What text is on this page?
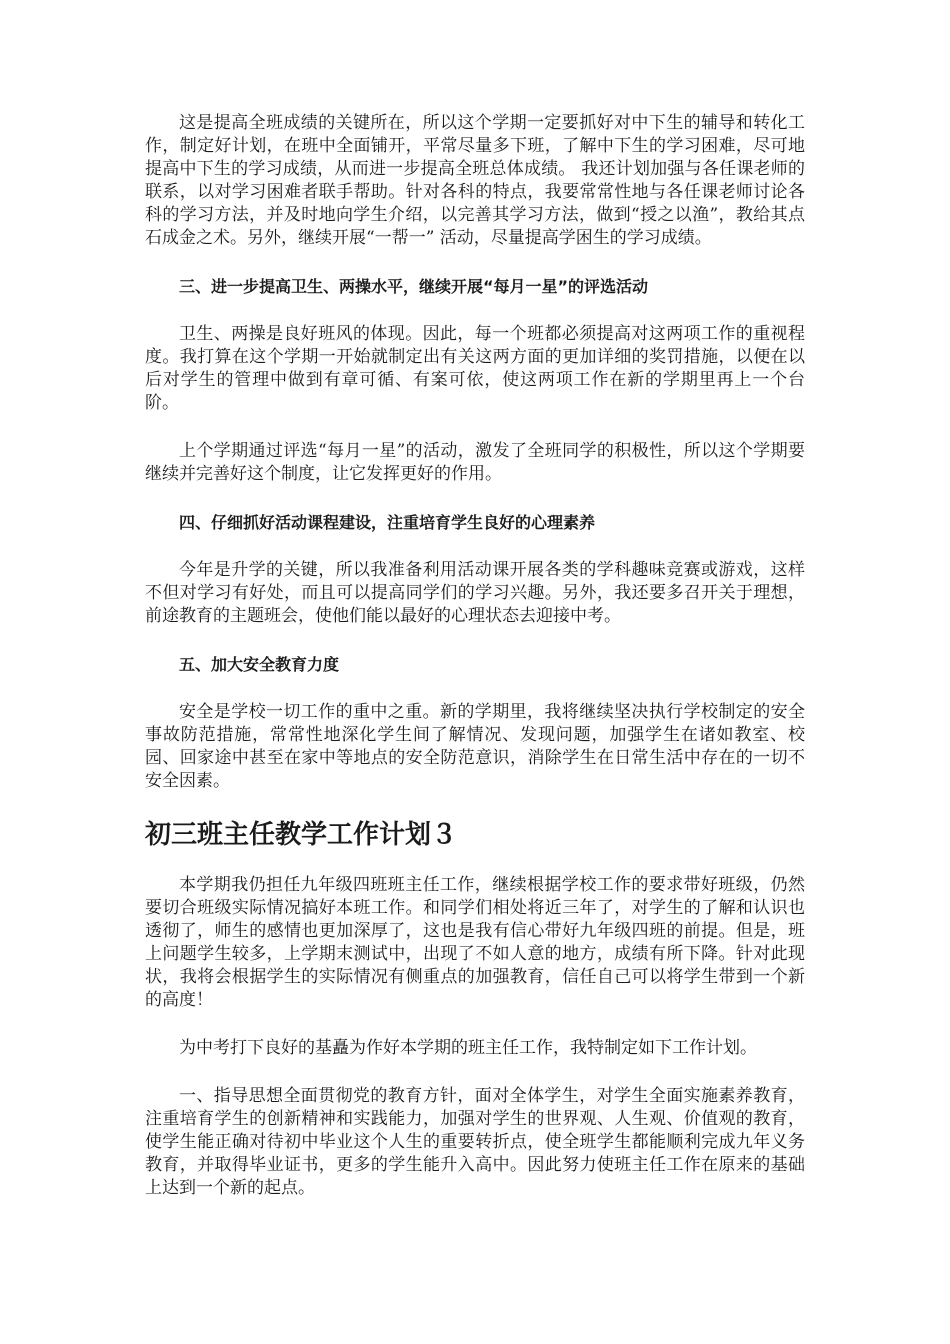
这是提高全班成绩的关键所在，所以这个学期一定要抓好对中下生的辅导和转化工作，制定好计划，在班中全面铺开，平常尽量多下班，了解中下生的学习困难，尽可地提高中下生的学习成绩，从而进一步提高全班总体成绩。 我还计划加强与各任课老师的联系，以对学习困难者联手帮助。针对各科的特点，我要常常性地与各任课老师讨论各科的学习方法，并及时地向学生介绍，以完善其学习方法，做到“授之以渔”，教给其点石成金之术。另外，继续开展“一帮一” 活动，尽量提高学困生的学习成绩。

三、进一步提高卫生、两操水平，继续开展“每月一星”的评选活动

卫生、两操是良好班风的体现。因此，每一个班都必须提高对这两项工作的重视程度。我打算在这个学期一开始就制定出有关这两方面的更加详细的奖罚措施，以便在以后对学生的管理中做到有章可循、有案可依，使这两项工作在新的学期里再上一个台阶。

上个学期通过评选“每月一星”的活动，激发了全班同学的积极性，所以这个学期要继续并完善好这个制度，让它发挥更好的作用。

四、仔细抓好活动课程建设，注重培育学生良好的心理素养

今年是升学的关键，所以我准备利用活动课开展各类的学科趣味竞赛或游戏，这样不但对学习有好处，而且可以提高同学们的学习兴趣。另外，我还要多召开关于理想，前途教育的主题班会，使他们能以最好的心理状态去迎接中考。

五、加大安全教育力度

安全是学校一切工作的重中之重。新的学期里，我将继续坚决执行学校制定的安全事故防范措施，常常性地深化学生间了解情况、发现问题，加强学生在诸如教室、校园、回家途中甚至在家中等地点的安全防范意识，消除学生在日常生活中存在的一切不安全因素。

初三班主任教学工作计划３

本学期我仍担任九年级四班班主任工作，继续根据学校工作的要求带好班级，仍然要切合班级实际情况搞好本班工作。和同学们相处将近三年了，对学生的了解和认识也透彻了，师生的感情也更加深厚了，这也是我有信心带好九年级四班的前提。但是，班上问题学生较多，上学期末测试中，出现了不如人意的地方，成绩有所下降。针对此现状，我将会根据学生的实际情况有侧重点的加强教育，信任自己可以将学生带到一个新的高度！

为中考打下良好的基矗为作好本学期的班主任工作，我特制定如下工作计划。

一、指导思想全面贯彻党的教育方针，面对全体学生，对学生全面实施素养教育，注重培育学生的创新精神和实践能力，加强对学生的世界观、人生观、价值观的教育，使学生能正确对待初中毕业这个人生的重要转折点，使全班学生都能顺利完成九年义务教育，并取得毕业证书，更多的学生能升入高中。因此努力使班主任工作在原来的基础上达到一个新的起点。
